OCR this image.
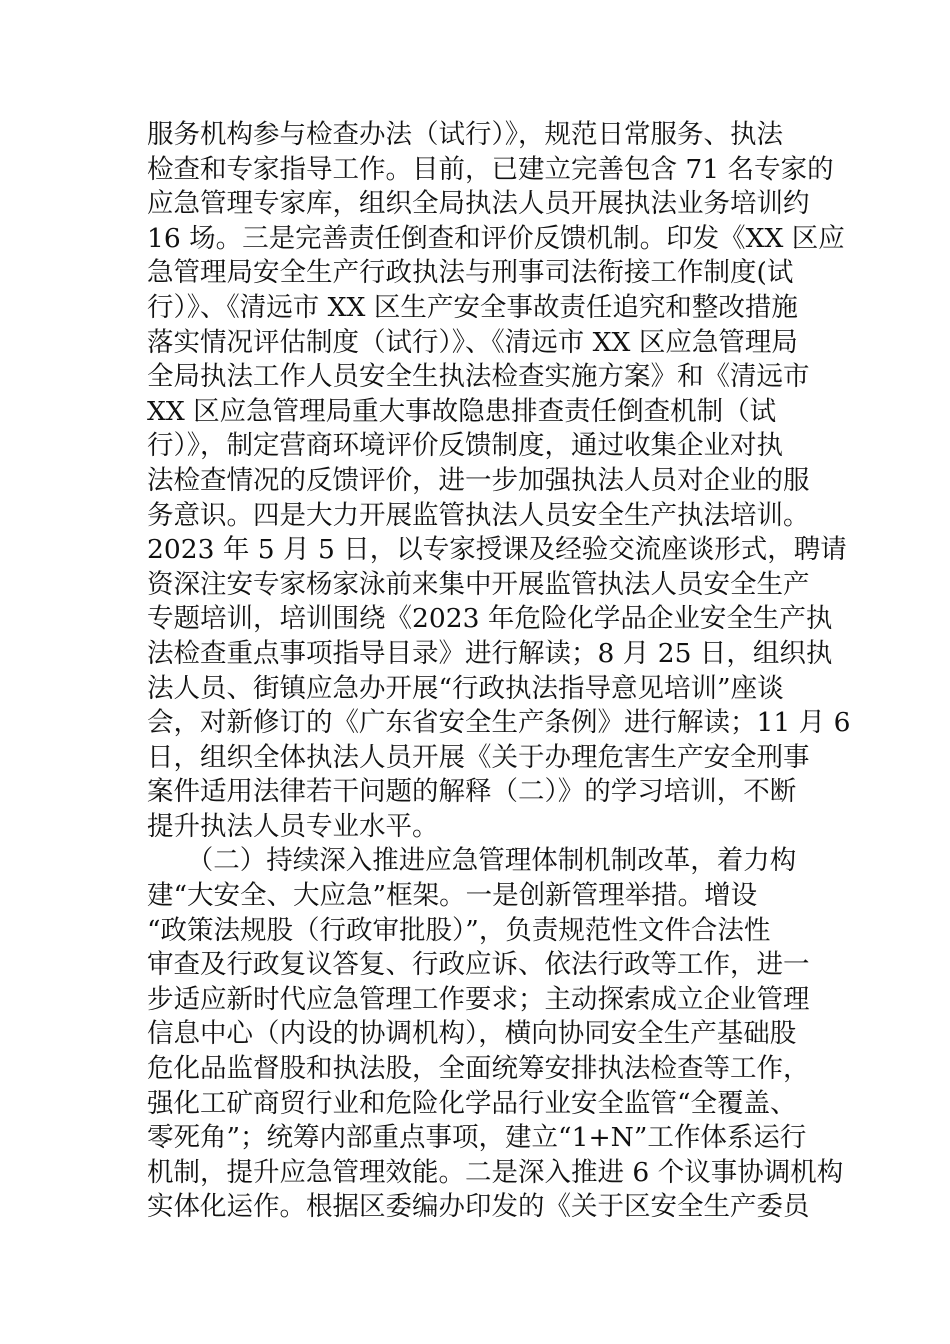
服务机构参与检查办法（试行）》，规范日常服务、执法
检查和专家指导工作。目前，已建立完善包含 71 名专家的
应急管理专家库，组织全局执法人员开展执法业务培训约
16 场。三是完善责任倒查和评价反馈机制。印发《XX 区应
急管理局安全生产行政执法与刑事司法衔接工作制度(试
行）》、《清远市 XX 区生产安全事故责任追究和整改措施
落实情况评估制度（试行）》、《清远市 XX 区应急管理局
全局执法工作人员安全生执法检查实施方案》和《清远市
XX 区应急管理局重大事故隐患排查责任倒查机制（试
行）》，制定营商环境评价反馈制度，通过收集企业对执
法检查情况的反馈评价，进一步加强执法人员对企业的服
务意识。四是大力开展监管执法人员安全生产执法培训。
2023 年 5 月 5 日，以专家授课及经验交流座谈形式，聘请
资深注安专家杨家泳前来集中开展监管执法人员安全生产
专题培训，培训围绕《2023 年危险化学品企业安全生产执
法检查重点事项指导目录》进行解读；8 月 25 日，组织执
法人员、街镇应急办开展“行政执法指导意见培训”座谈
会，对新修订的《广东省安全生产条例》进行解读；11 月 6
日，组织全体执法人员开展《关于办理危害生产安全刑事
案件适用法律若干问题的解释（二）》的学习培训，不断
提升执法人员专业水平。
　　（二）持续深入推进应急管理体制机制改革，着力构
建“大安全、大应急”框架。一是创新管理举措。增设
“政策法规股（行政审批股）”，负责规范性文件合法性
审查及行政复议答复、行政应诉、依法行政等工作，进一
步适应新时代应急管理工作要求；主动探索成立企业管理
信息中心（内设的协调机构），横向协同安全生产基础股
危化品监督股和执法股，全面统筹安排执法检查等工作，
强化工矿商贸行业和危险化学品行业安全监管“全覆盖、
零死角”；统筹内部重点事项，建立“1+N”工作体系运行
机制，提升应急管理效能。二是深入推进 6 个议事协调机构
实体化运作。根据区委编办印发的《关于区安全生产委员
